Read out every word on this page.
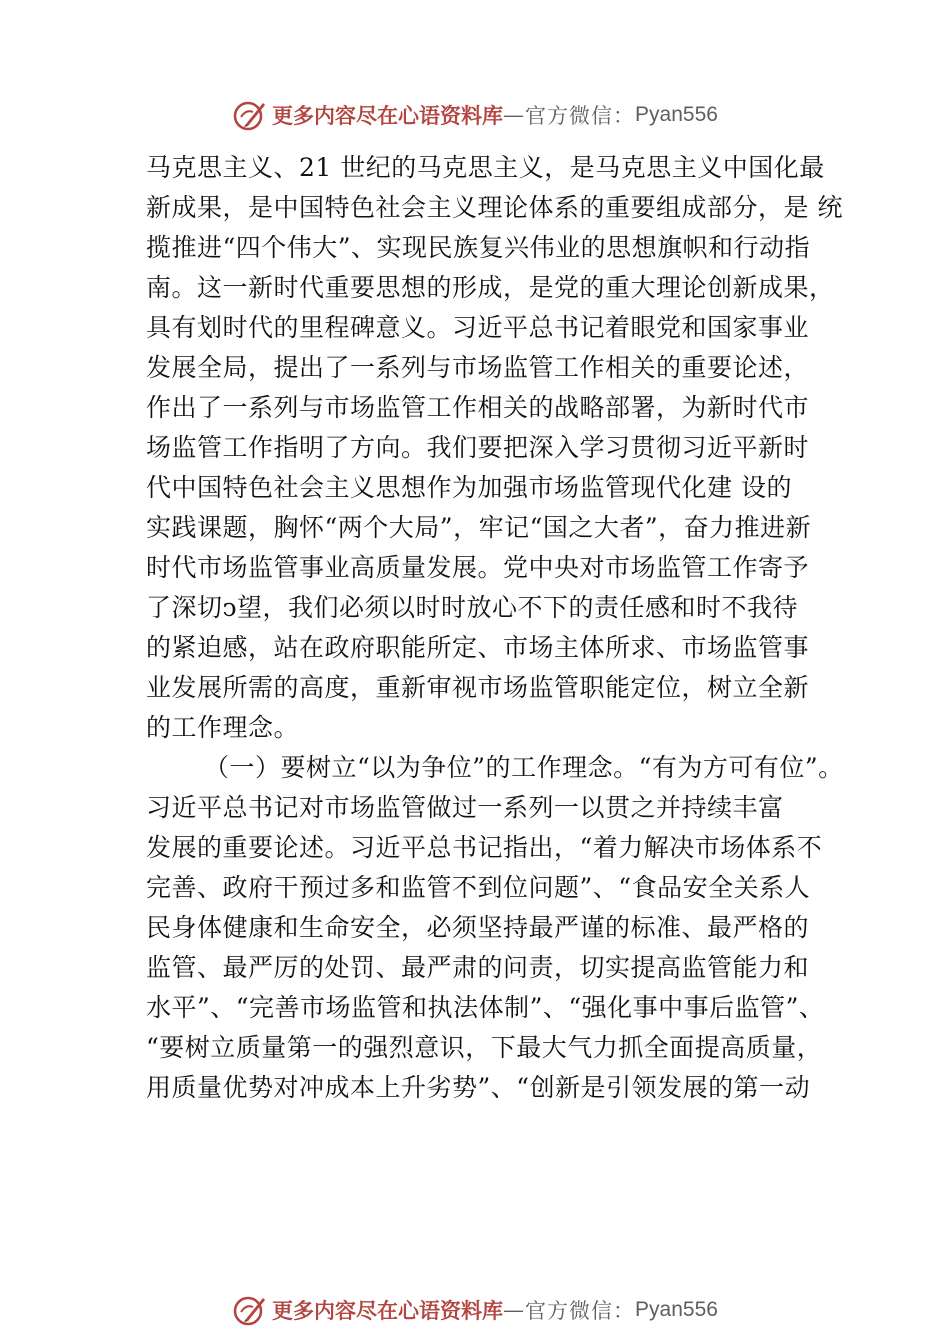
更多内容尽在心语资料库 — 官方微信： Pyan556
马克思主义、21 世纪的马克思主义，是马克思主义中国化最
新成果，是中国特色社会主义理论体系的重要组成部分，是 统
揽推进“四个伟大”、实现民族复兴伟业的思想旗帜和行动指
南。这一新时代重要思想的形成，是党的重大理论创新成果，
具有划时代的里程碑意义。习近平总书记着眼党和国家事业
发展全局，提出了一系列与市场监管工作相关的重要论述，
作出了一系列与市场监管工作相关的战略部署，为新时代市
场监管工作指明了方向。我们要把深入学习贯彻习近平新时
代中国特色社会主义思想作为加强市场监管现代化建 设的
实践课题，胸怀“两个大局”，牢记“国之大者”，奋力推进新
时代市场监管事业高质量发展。党中央对市场监管工作寄予
了深切ↄ望，我们必须以时时放心不下的责任感和时不我待
的紧迫感，站在政府职能所定、市场主体所求、市场监管事
业发展所需的高度，重新审视市场监管职能定位，树立全新
的工作理念。
（一）要树立“以为争位”的工作理念。“有为方可有位”。
习近平总书记对市场监管做过一系列一以贯之并持续丰富
发展的重要论述。习近平总书记指出，“着力解决市场体系不
完善、政府干预过多和监管不到位问题”、“食品安全关系人
民身体健康和生命安全，必须坚持最严谨的标准、最严格的
监管、最严厉的处罚、最严肃的问责，切实提高监管能力和
水平”、“完善市场监管和执法体制”、“强化事中事后监管”、
“要树立质量第一的强烈意识，下最大气力抓全面提高质量，
用质量优势对冲成本上升劣势”、“创新是引领发展的第一动
更多内容尽在心语资料库 — 官方微信： Pyan556
